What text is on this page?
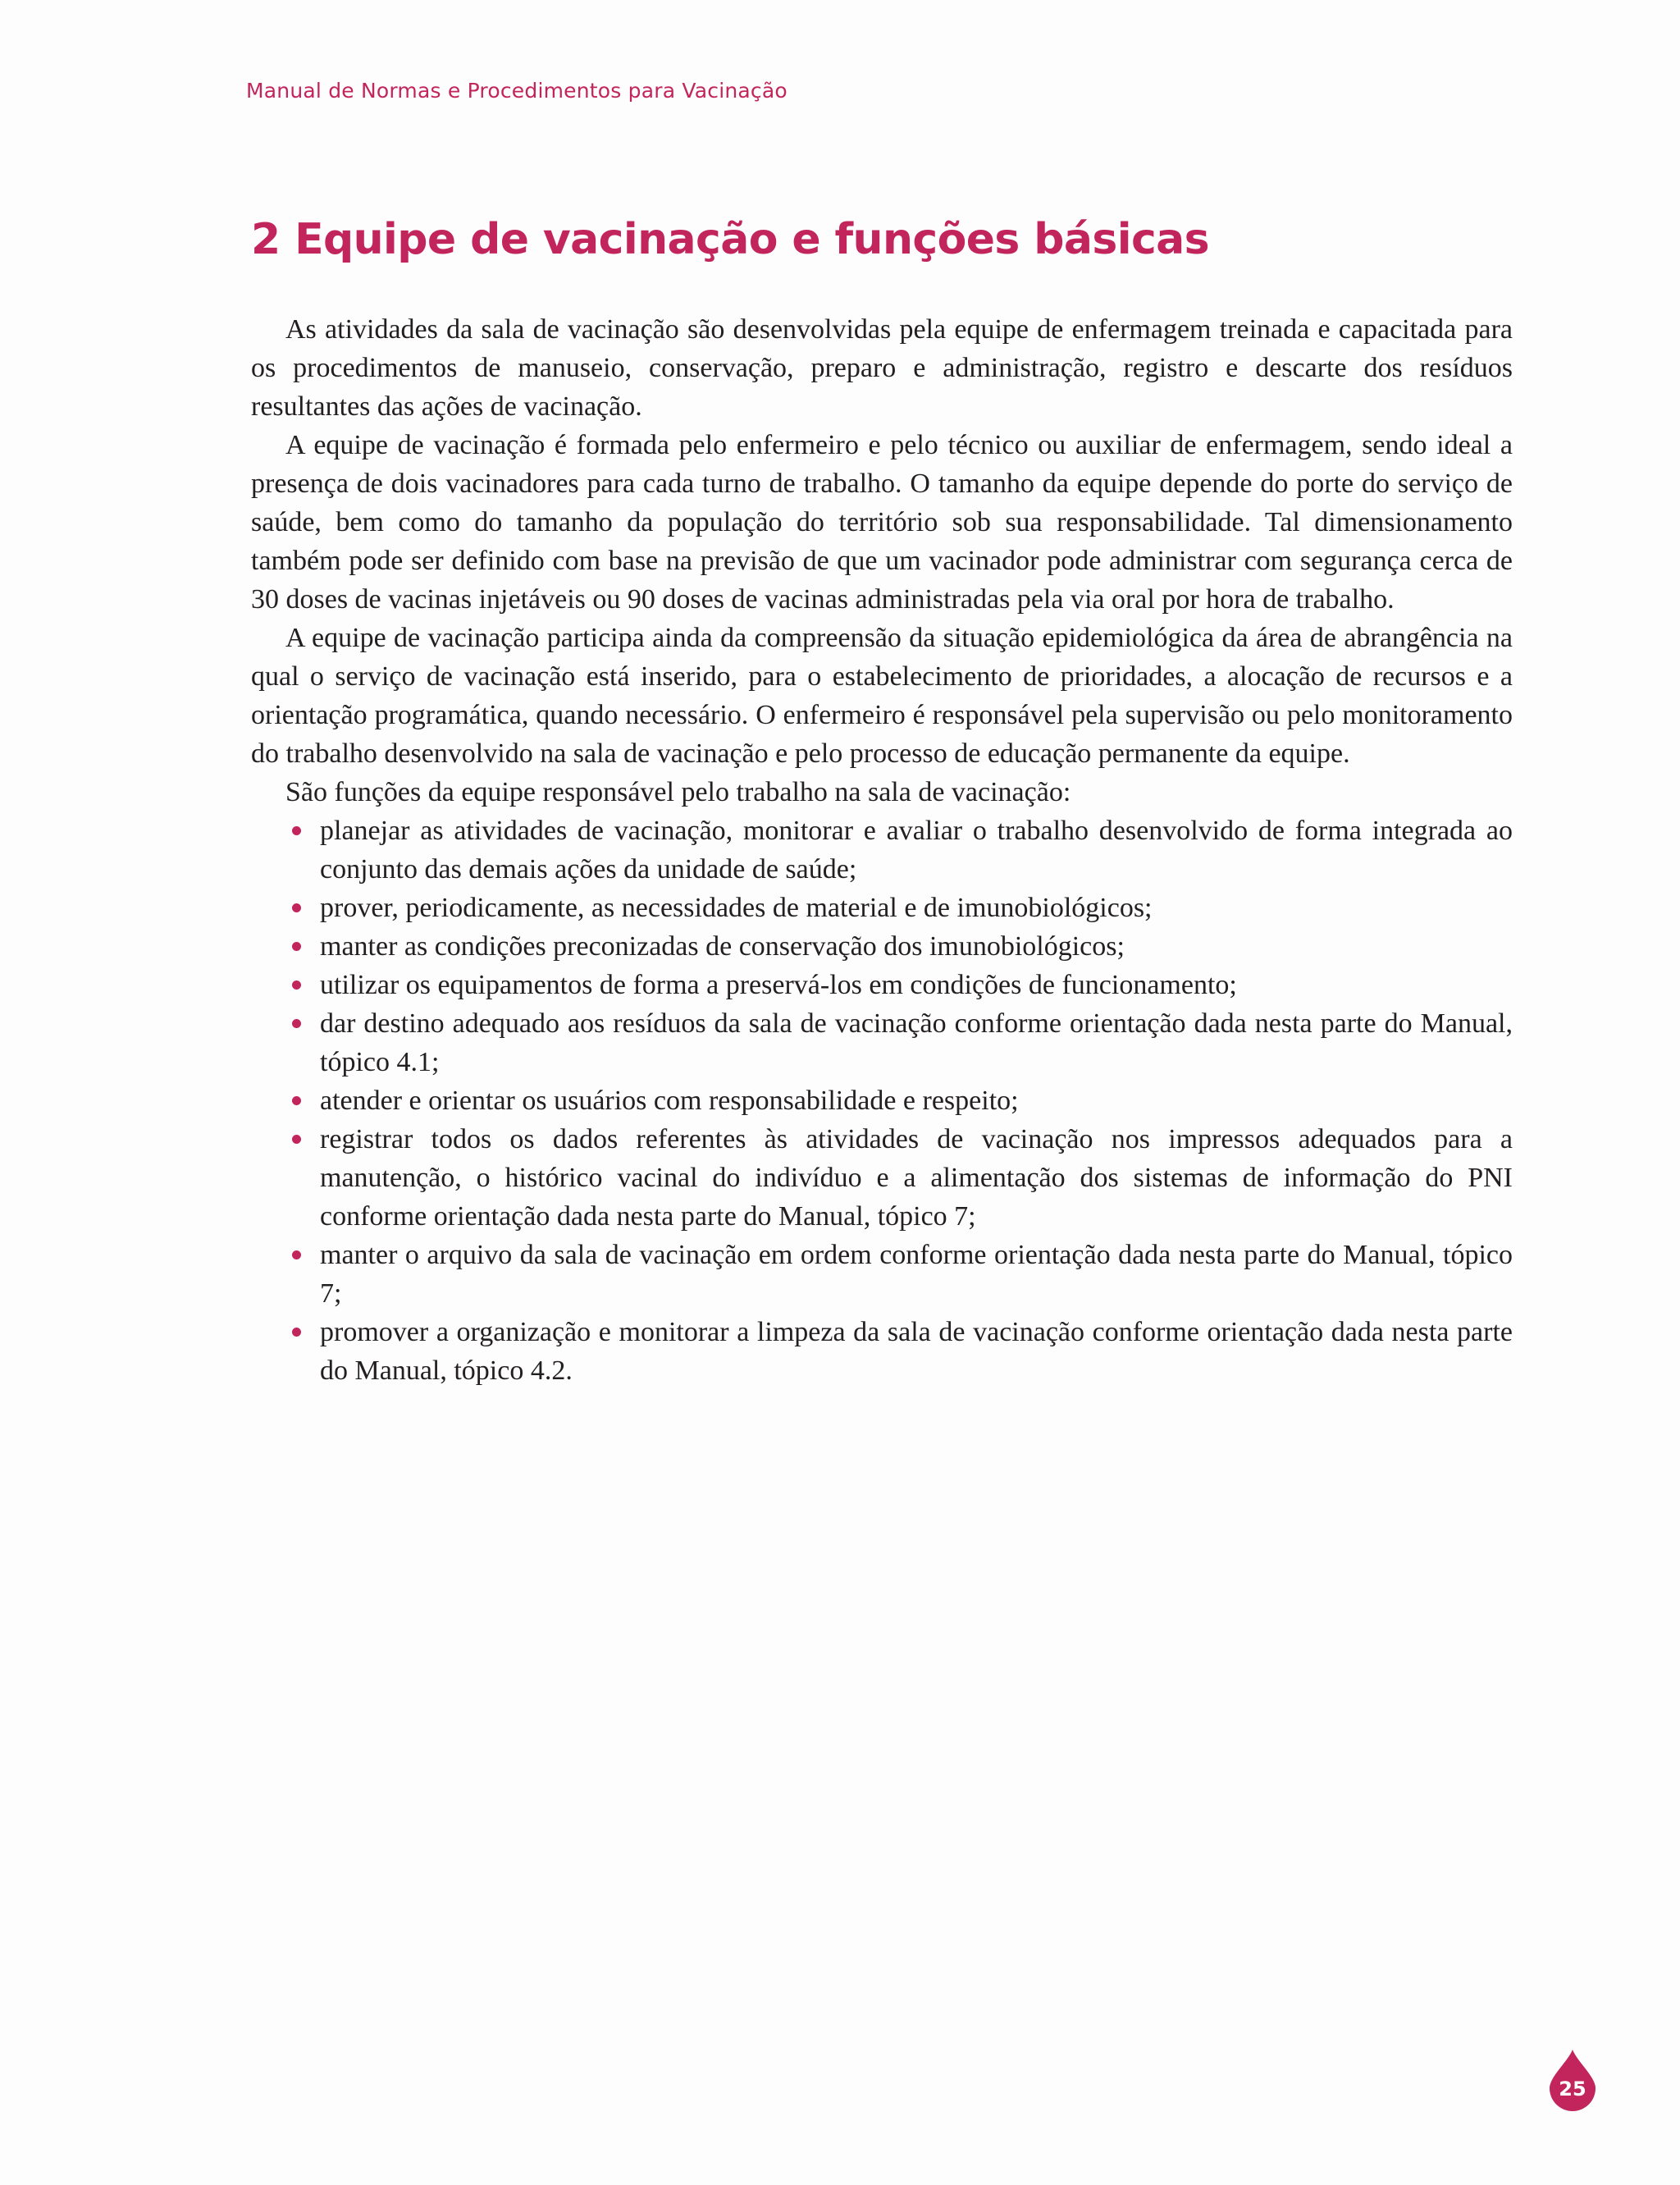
Manual de Normas e Procedimentos para Vacinação
2 Equipe de vacinação e funções básicas

As atividades da sala de vacinação são desenvolvidas pela equipe de enfermagem treinada e capacitada para os procedimentos de manuseio, conservação, preparo e administração, registro e descarte dos resíduos resultantes das ações de vacinação.

A equipe de vacinação é formada pelo enfermeiro e pelo técnico ou auxiliar de enfermagem, sendo ideal a presença de dois vacinadores para cada turno de trabalho. O tamanho da equipe depende do porte do serviço de saúde, bem como do tamanho da população do território sob sua responsabilidade. Tal dimensionamento também pode ser definido com base na previsão de que um vacinador pode administrar com segurança cerca de 30 doses de vacinas injetáveis ou 90 doses de vacinas administradas pela via oral por hora de trabalho.

A equipe de vacinação participa ainda da compreensão da situação epidemiológica da área de abrangência na qual o serviço de vacinação está inserido, para o estabelecimento de prioridades, a alocação de recursos e a orientação programática, quando necessário. O enfermeiro é responsável pela supervisão ou pelo monitoramento do trabalho desenvolvido na sala de vacinação e pelo processo de educação permanente da equipe.

São funções da equipe responsável pelo trabalho na sala de vacinação:

planejar as atividades de vacinação, monitorar e avaliar o trabalho desenvolvido de forma integrada ao conjunto das demais ações da unidade de saúde;
prover, periodicamente, as necessidades de material e de imunobiológicos;
manter as condições preconizadas de conservação dos imunobiológicos;
utilizar os equipamentos de forma a preservá-los em condições de funcionamento;
dar destino adequado aos resíduos da sala de vacinação conforme orientação dada nesta parte do Manual, tópico 4.1;
atender e orientar os usuários com responsabilidade e respeito;
registrar todos os dados referentes às atividades de vacinação nos impressos adequados para a manutenção, o histórico vacinal do indivíduo e a alimentação dos sistemas de informação do PNI conforme orientação dada nesta parte do Manual, tópico 7;
manter o arquivo da sala de vacinação em ordem conforme orientação dada nesta parte do Manual, tópico 7;
promover a organização e monitorar a limpeza da sala de vacinação conforme orientação dada nesta parte do Manual, tópico 4.2.
25
